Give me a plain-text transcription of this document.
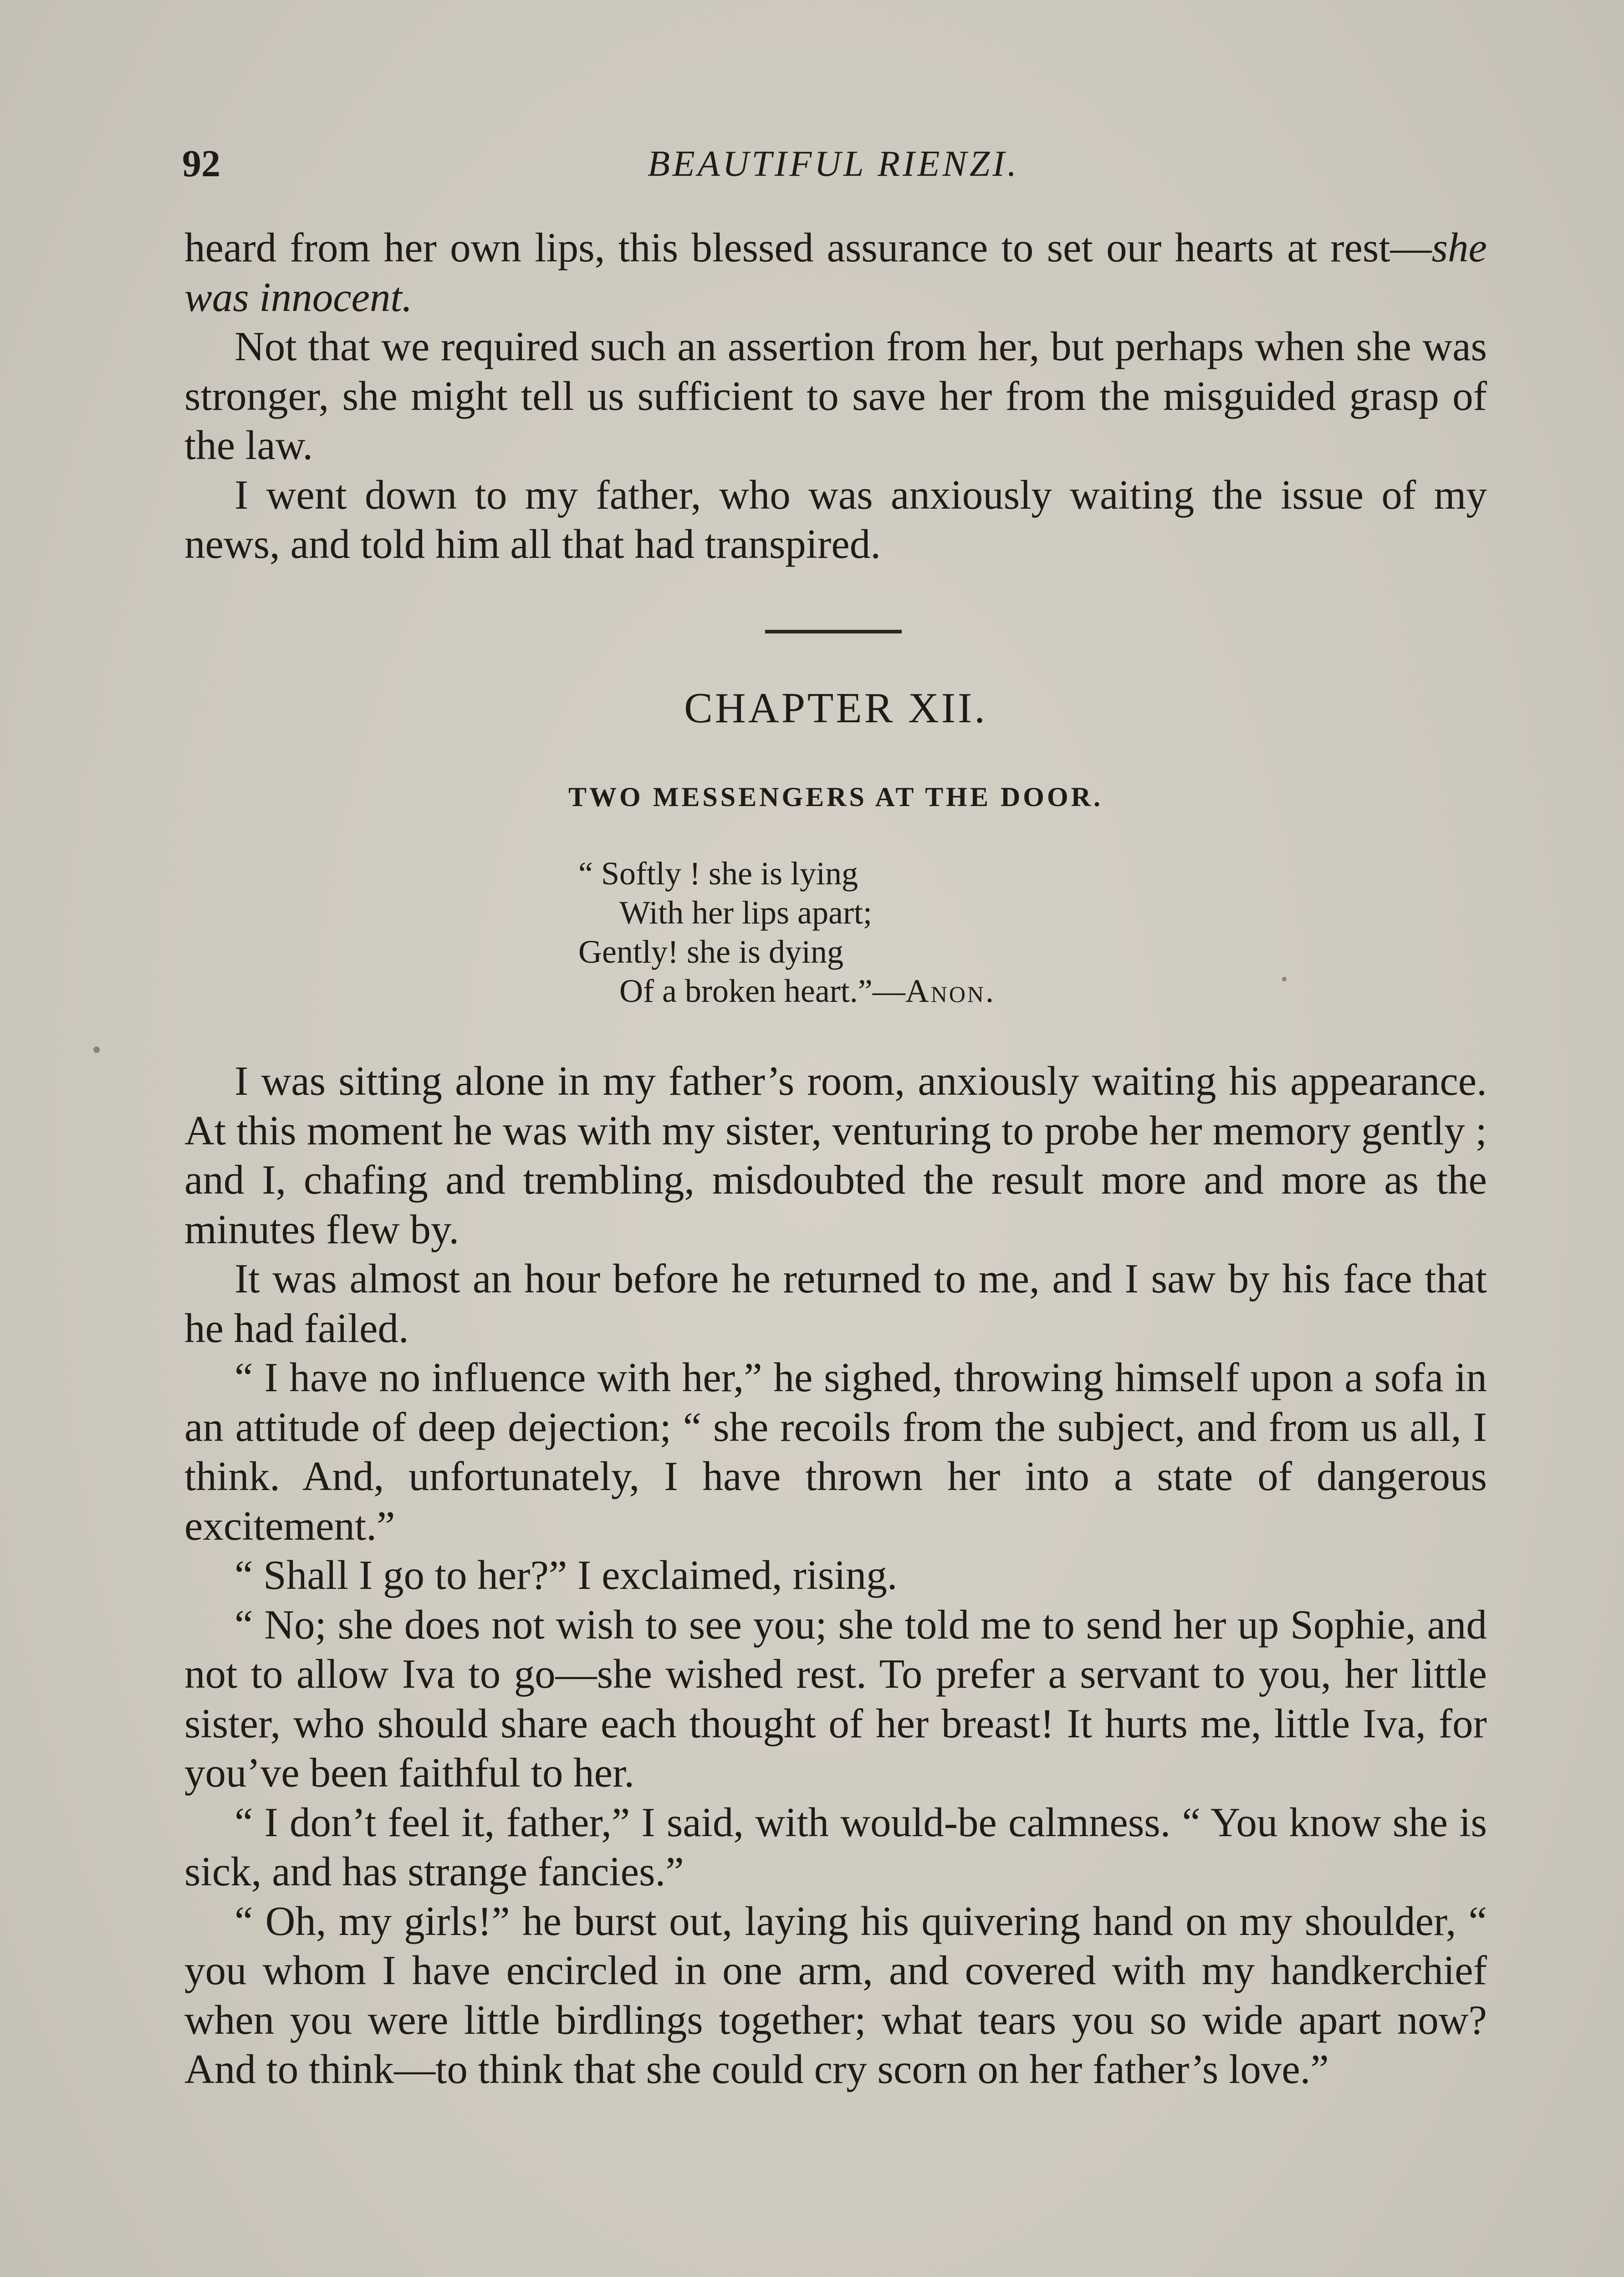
92	BEAUTIFUL RIENZI.

heard from her own lips, this blessed assurance to set our hearts at rest—she was innocent.

Not that we required such an assertion from her, but perhaps when she was stronger, she might tell us sufficient to save her from the misguided grasp of the law.

I went down to my father, who was anxiously waiting the issue of my news, and told him all that had transpired.

CHAPTER XII.
TWO MESSENGERS AT THE DOOR.
“ Softly ! she is lying
With her lips apart;
Gently! she is dying
Of a broken heart.”—Anon.

I was sitting alone in my father’s room, anxiously waiting his appearance. At this moment he was with my sister, venturing to probe her memory gently ; and I, chafing and trembling, misdoubted the result more and more as the minutes flew by.

It was almost an hour before he returned to me, and I saw by his face that he had failed.

“ I have no influence with her,” he sighed, throwing himself upon a sofa in an attitude of deep dejection; “ she recoils from the subject, and from us all, I think. And, unfortunately, I have thrown her into a state of dangerous excitement.”

“ Shall I go to her?” I exclaimed, rising.

“ No; she does not wish to see you; she told me to send her up Sophie, and not to allow Iva to go—she wished rest. To prefer a servant to you, her little sister, who should share each thought of her breast! It hurts me, little Iva, for you’ve been faithful to her.

“ I don’t feel it, father,” I said, with would-be calmness. “ You know she is sick, and has strange fancies.”

“ Oh, my girls!” he burst out, laying his quivering hand on my shoulder, “ you whom I have encircled in one arm, and covered with my handkerchief when you were little birdlings together; what tears you so wide apart now? And to think—to think that she could cry scorn on her father’s love.”
